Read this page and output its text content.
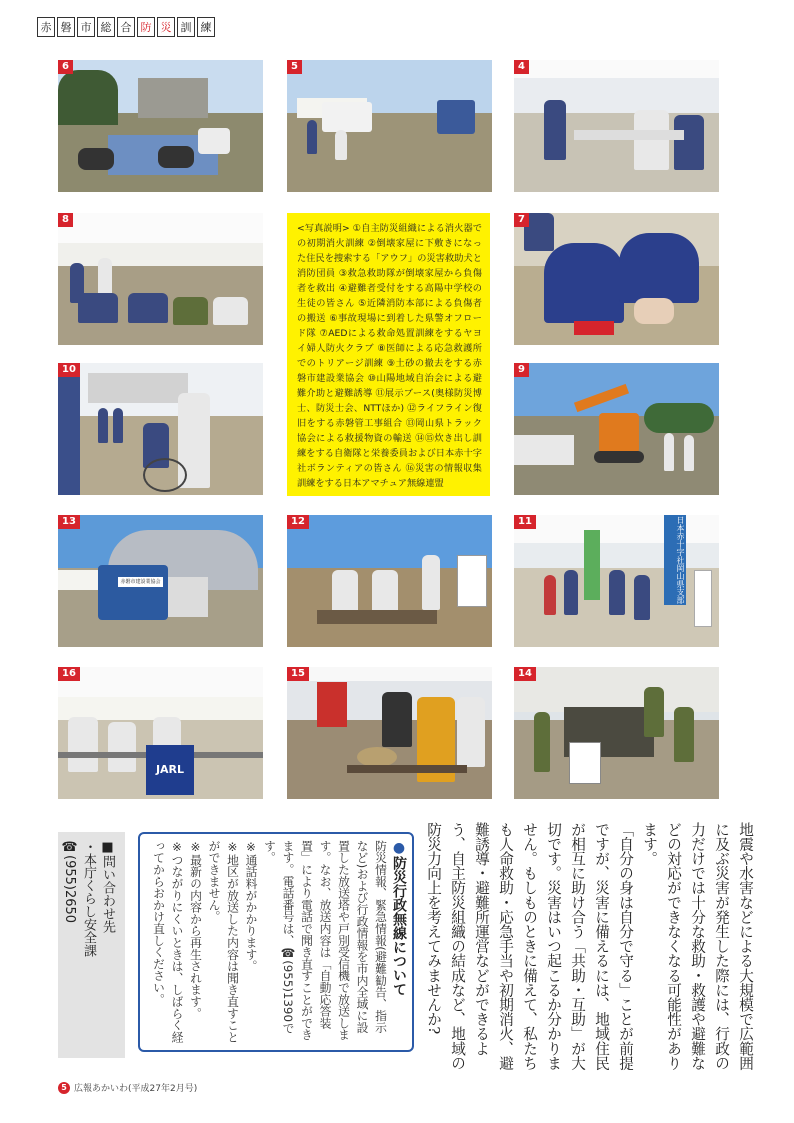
赤 磐 市 総 合 防 災 訓 練
6	5	4
8
<写真説明> ①自主防災組織による消火器での初期消火訓練 ②倒壊家屋に下敷きになった住民を捜索する「アウフ」の災害救助犬と消防団員 ③救急救助隊が倒壊家屋から負傷者を救出 ④避難者受付をする高陽中学校の生徒の皆さん ⑤近隣消防本部による負傷者の搬送 ⑥事故現場に到着した県警オフロード隊 ⑦AEDによる救命処置訓練をするヤヨイ婦人防火クラブ ⑧医師による応急救護所でのトリアージ訓練 ⑨土砂の撤去をする赤磐市建設業協会 ⑩山陽地域自治会による避難介助と避難誘導 ⑪展示ブース(奥様防災博士、防災士会、NTTほか) ⑫ライフライン復旧をする赤磐管工事組合 ⑬岡山県トラック協会による救援物資の輸送 ⑭⑮炊き出し訓練をする自衛隊と栄養委員および日本赤十字社ボランティアの皆さん ⑯災害の情報収集訓練をする日本アマチュア無線連盟
7
10	9
赤磐市建設業協会
13	12	日本赤十字社岡山県支部
11
JARL
16	15	14

地震や水害などによる大規模で広範囲に及ぶ災害が発生した際には、行政の力だけでは十分な救助・救護や避難などの対応ができなくなる可能性があります。

「自分の身は自分で守る」ことが前提ですが、災害に備えるには、地域住民が相互に助け合う「共助・互助」が大切です。災害はいつ起こるか分かりません。もしものときに備えて、私たちも人命救助・応急手当や初期消火、避難誘導・避難所運営などができるよう、自主防災組織の結成など、地域の防災力向上を考えてみませんか?

●防災行政無線について

防災情報、緊急情報(避難勧告、指示など)および行政情報を市内全域に設置した放送塔や戸別受信機で放送します。なお、放送内容は「自動応答装置」により電話で聞き直すことができます。電話番号は、☎(955)1390です。

※通話料がかかります。

※地区が放送した内容は聞き直すことができません。

※最新の内容から再生されます。

※つながりにくいときは、しばらく経ってからおかけ直しください。

■問い合わせ先

・本庁くらし安全課

☎(955)2650

5 広報あかいわ(平成27年2月号)
